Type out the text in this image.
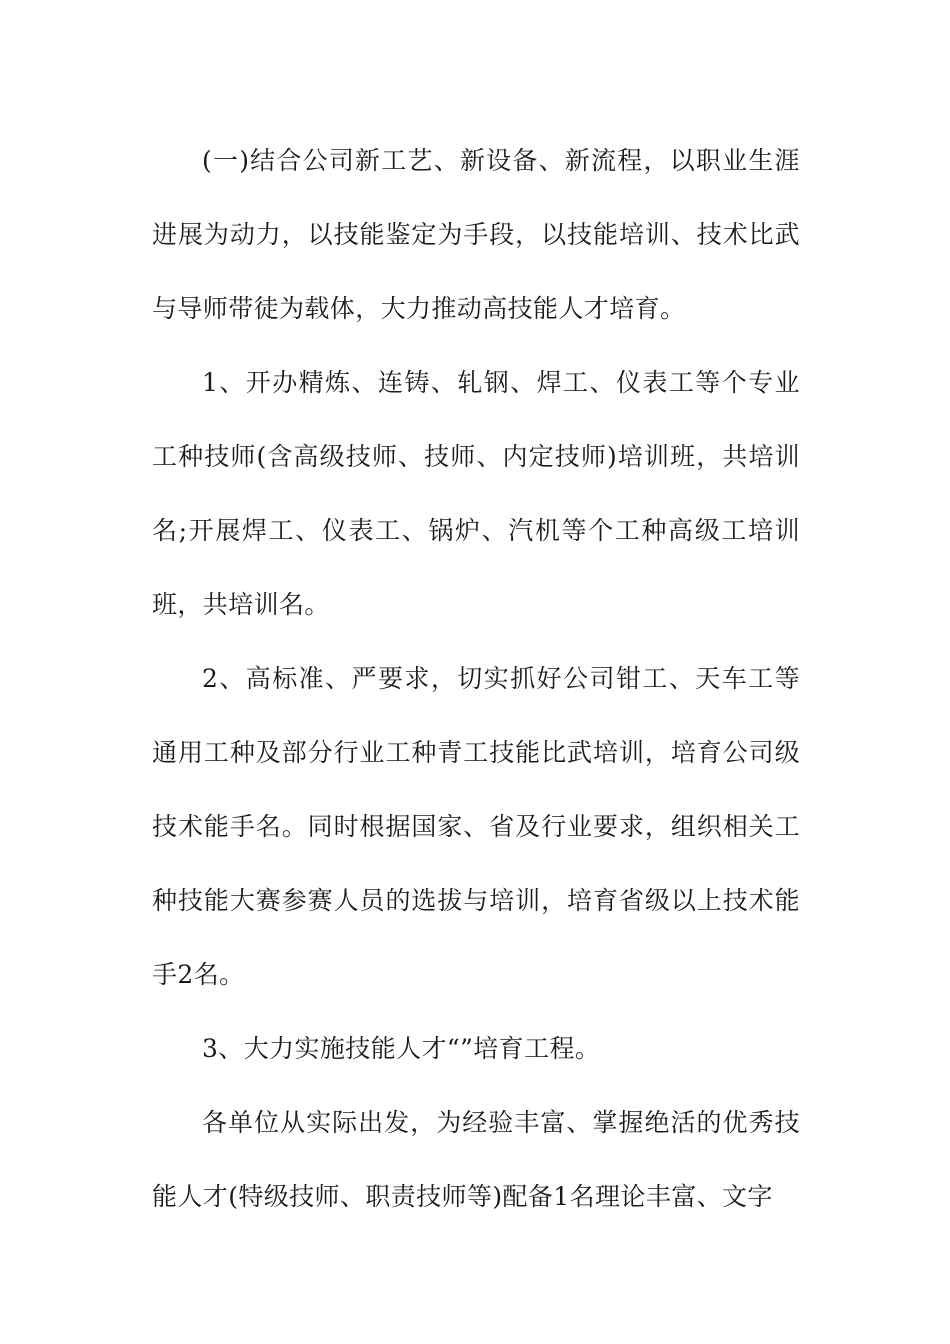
(一)结合公司新工艺、新设备、新流程，以职业生涯进展为动力，以技能鉴定为手段，以技能培训、技术比武与导师带徒为载体，大力推动高技能人才培育。

1、开办精炼、连铸、轧钢、焊工、仪表工等个专业工种技师(含高级技师、技师、内定技师)培训班，共培训名;开展焊工、仪表工、锅炉、汽机等个工种高级工培训班，共培训名。

2、高标准、严要求，切实抓好公司钳工、天车工等通用工种及部分行业工种青工技能比武培训，培育公司级技术能手名。同时根据国家、省及行业要求，组织相关工种技能大赛参赛人员的选拔与培训，培育省级以上技术能手2名。

3、大力实施技能人才“”培育工程。

各单位从实际出发，为经验丰富、掌握绝活的优秀技能人才(特级技师、职责技师等)配备1名理论丰富、文字
